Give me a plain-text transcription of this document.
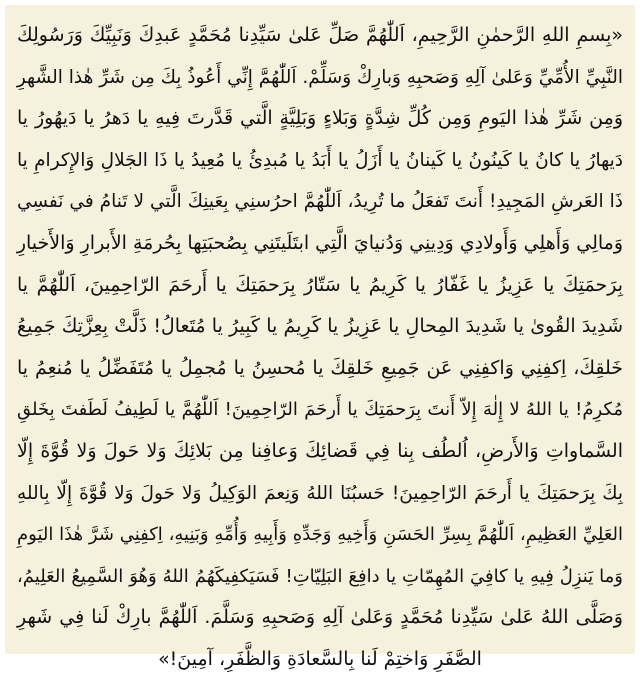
«بِسمِ اللهِ الرَّحمٰنِ الرَّحِيمِ، اَللّٰهُمَّ صَلِّ عَلىٰ سَيِّدِنا مُحَمَّدٍ عَبدِكَ وَنَبِيِّكَ وَرَسُولِكَ
النَّبِيِّ الأُمِّيِّ وَعَلىٰ آلِهِ وَصَحبِهِ وَبارِكْ وَسَلِّمْ. اَللّٰهُمَّ إِنِّي أَعُوذُ بِكَ مِن شَرِّ هٰذا الشَّهرِ
وَمِن شَرِّ هٰذا اليَومِ وَمِن كُلِّ شِدَّةٍ وَبَلاءٍ وَبَلِيَّةٍ الَّتي قَدَّرتَ فِيهِ يا دَهرُ يا دَيهُورُ يا
دَيهارُ يا كانُ يا كَينُونُ يا كَينانُ يا أَزَلُ يا أَبَدُ يا مُبدِئُ يا مُعِيدُ يا ذَا الجَلالِ وَالإِكرامِ يا
ذَا العَرشِ المَجِيدِ! أَنتَ تَفعَلُ ما تُرِيدُ، اَللّٰهُمَّ احرُسنِي بِعَينِكَ الَّتي لا تَنامُ في نَفسِي
وَمالِي وَأَهلِي وَأَولادِي وَدِينِي وَدُنيايَ الَّتِي ابتَلَيتَنِي بِصُحبَتِها بِحُرمَةِ الأَبرارِ وَالأَخيارِ
بِرَحمَتِكَ يا عَزِيزُ يا غَفّارُ يا كَرِيمُ يا سَتّارُ بِرَحمَتِكَ يا أَرحَمَ الرّاحِمِينَ، اَللّٰهُمَّ يا
شَدِيدَ القُوىٰ يا شَدِيدَ المِحالِ يا عَزِيزُ يا كَرِيمُ يا كَبِيرُ يا مُتَعالُ! ذَلَّتْ بِعِزَّتِكَ جَمِيعُ
خَلقِكَ، اِكفِنِي وَاكفِنِي عَن جَمِيعِ خَلقِكَ يا مُحسِنُ يا مُجمِلُ يا مُتَفَضِّلُ يا مُنعِمُ يا
مُكرِمُ! يا اللهُ لا إِلٰهَ إِلاّ أَنتَ بِرَحمَتِكَ يا أَرحَمَ الرّاحِمِينَ! اَللّٰهُمَّ يا لَطِيفُ لَطَفتَ بِخَلقِ
السَّماواتِ وَالأَرضِ، اُلطُف بِنا فِي قَضائِكَ وَعافِنا مِن بَلائِكَ وَلا حَولَ وَلا قُوَّةَ إِلّا
بِكَ بِرَحمَتِكَ يا أَرحَمَ الرّاحِمِينَ! حَسبُنَا اللهُ وَنِعمَ الوَكِيلُ وَلا حَولَ وَلا قُوَّةَ إِلّا بِاللهِ
العَلِيِّ العَظِيمِ، اَللّٰهُمَّ بِسِرِّ الحَسَنِ وَأَخِيهِ وَجَدِّهِ وَأَبِيهِ وَأُمِّهِ وَبَنِيهِ، اِكفِنِي شَرَّ هٰذَا اليَومِ
وَما يَنزِلُ فِيهِ يا كافِيَ المُهِمّاتِ يا دافِعَ البَلِيّاتِ! فَسَيَكفِيكَهُمُ اللهُ وَهُوَ السَّمِيعُ العَلِيمُ،
وَصَلَّى اللهُ عَلىٰ سَيِّدِنا مُحَمَّدٍ وَعَلىٰ آلِهِ وَصَحبِهِ وَسَلَّمَ. اَللّٰهُمَّ بارِكْ لَنا فِي شَهرِ
الصَّفَرِ وَاختِمْ لَنا بِالسَّعادَةِ وَالظَّفَرِ، آمِينَ!»
